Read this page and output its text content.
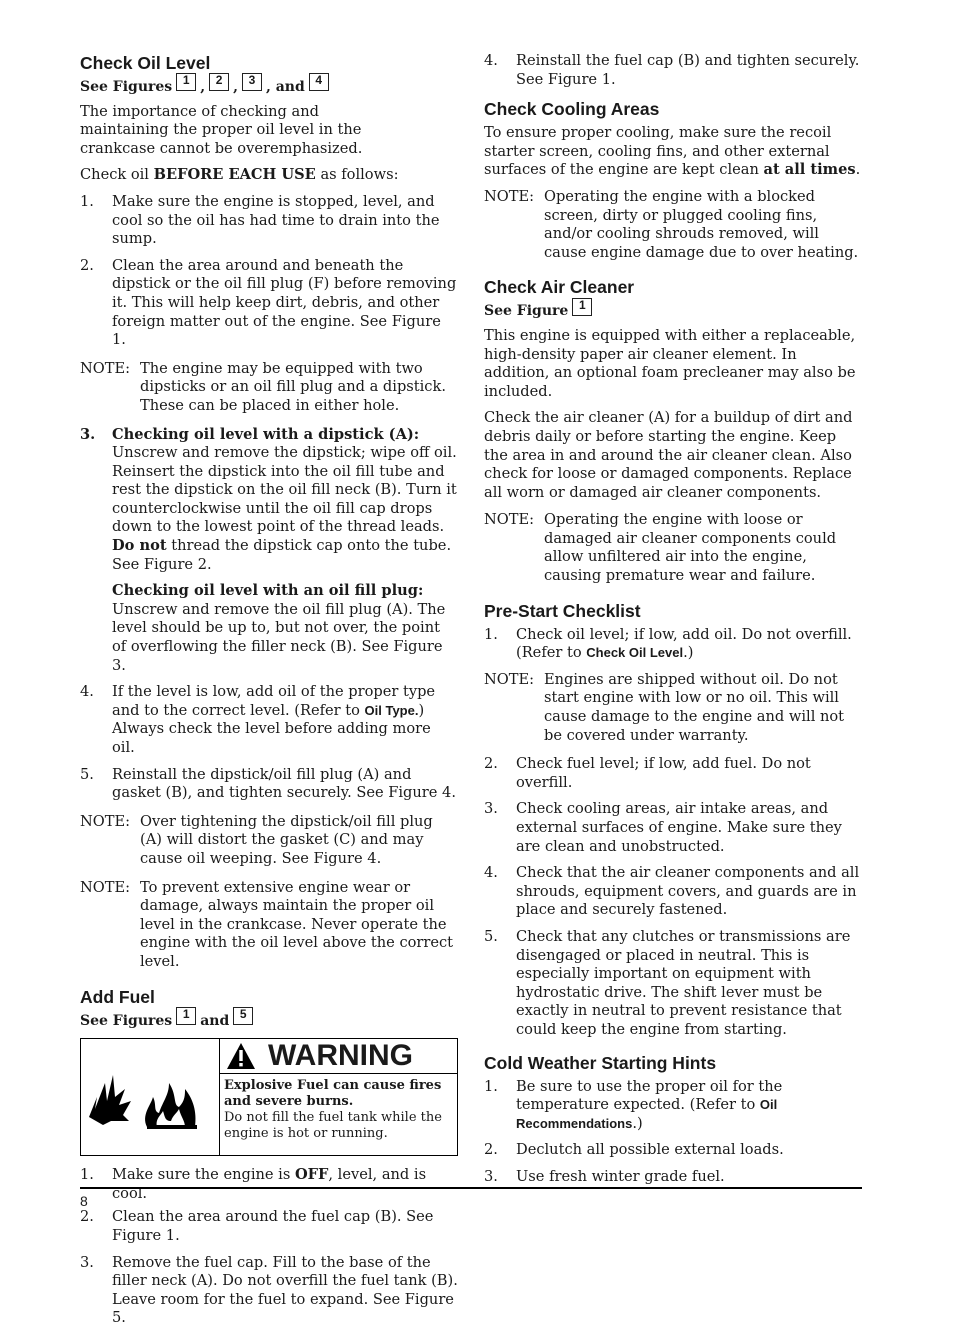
Check Oil Level
See Figures 1 , 2 , 3 , and 4

The importance of checking and maintaining the proper oil level in the crankcase cannot be overemphasized.

Check oil BEFORE EACH USE as follows:

1.	Make sure the engine is stopped, level, and cool so the oil has had time to drain into the sump.
2.	Clean the area around and beneath the dipstick or the oil fill plug (F) before removing it. This will help keep dirt, debris, and other foreign matter out of the engine. See Figure 1.
NOTE: The engine may be equipped with two dipsticks or an oil fill plug and a dipstick. These can be placed in either hole.
3.	Checking oil level with a dipstick (A): Unscrew and remove the dipstick; wipe off oil. Reinsert the dipstick into the oil fill tube and rest the dipstick on the oil fill neck (B). Turn it counterclockwise until the oil fill cap drops down to the lowest point of the thread leads. Do not thread the dipstick cap onto the tube. See Figure 2.
Checking oil level with an oil fill plug: Unscrew and remove the oil fill plug (A). The level should be up to, but not over, the point of overflowing the filler neck (B). See Figure 3.
4.	If the level is low, add oil of the proper type and to the correct level. (Refer to Oil Type.) Always check the level before adding more oil.
5.	Reinstall the dipstick/oil fill plug (A) and gasket (B), and tighten securely. See Figure 4.
NOTE: Over tightening the dipstick/oil fill plug (A) will distort the gasket (C) and may cause oil weeping. See Figure 4.
NOTE: To prevent extensive engine wear or damage, always maintain the proper oil level in the crankcase. Never operate the engine with the oil level above the correct level.
Add Fuel
See Figures 1 and 5
WARNING
Explosive Fuel can cause fires and severe burns.
Do not fill the fuel tank while the engine is hot or running.
1.	Make sure the engine is OFF, level, and is cool.
2.	Clean the area around the fuel cap (B). See Figure 1.
3.	Remove the fuel cap. Fill to the base of the filler neck (A). Do not overfill the fuel tank (B). Leave room for the fuel to expand. See Figure 5.
4.	Reinstall the fuel cap (B) and tighten securely. See Figure 1.
Check Cooling Areas

To ensure proper cooling, make sure the recoil starter screen, cooling fins, and other external surfaces of the engine are kept clean at all times.

NOTE: Operating the engine with a blocked screen, dirty or plugged cooling fins, and/or cooling shrouds removed, will cause engine damage due to over heating.
Check Air Cleaner
See Figure 1

This engine is equipped with either a replaceable, high-density paper air cleaner element. In addition, an optional foam precleaner may also be included.

Check the air cleaner (A) for a buildup of dirt and debris daily or before starting the engine. Keep the area in and around the air cleaner clean. Also check for loose or damaged components. Replace all worn or damaged air cleaner components.

NOTE: Operating the engine with loose or damaged air cleaner components could allow unfiltered air into the engine, causing premature wear and failure.
Pre-Start Checklist
1.	Check oil level; if low, add oil. Do not overfill. (Refer to Check Oil Level.)
NOTE: Engines are shipped without oil. Do not start engine with low or no oil. This will cause damage to the engine and will not be covered under warranty.
2.	Check fuel level; if low, add fuel. Do not overfill.
3.	Check cooling areas, air intake areas, and external surfaces of engine. Make sure they are clean and unobstructed.
4.	Check that the air cleaner components and all shrouds, equipment covers, and guards are in place and securely fastened.
5.	Check that any clutches or transmissions are disengaged or placed in neutral. This is especially important on equipment with hydrostatic drive. The shift lever must be exactly in neutral to prevent resistance that could keep the engine from starting.
Cold Weather Starting Hints
1.	Be sure to use the proper oil for the temperature expected. (Refer to Oil Recommendations.)
2.	Declutch all possible external loads.
3.	Use fresh winter grade fuel.
8
